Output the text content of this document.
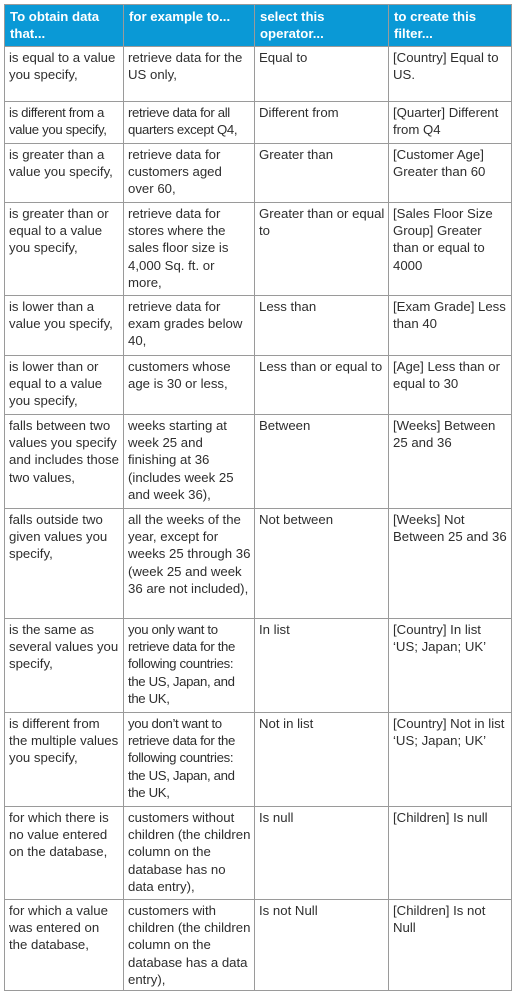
To obtain data that...	for example to...	select this operator...	to create this filter...
is equal to a value you specify,	retrieve data for the US only,	Equal to	[Country] Equal to US.
is different from a value you specify,	retrieve data for all quarters except Q4,	Different from	[Quarter] Different from Q4
is greater than a value you specify,	retrieve data for customers aged over 60,	Greater than	[Customer Age] Greater than 60
is greater than or equal to a value you specify,	retrieve data for stores where the sales floor size is 4,000 Sq. ft. or more,	Greater than or equal to	[Sales Floor Size Group] Greater than or equal to 4000
is lower than a value you specify,	retrieve data for exam grades below 40,	Less than	[Exam Grade] Less than 40
is lower than or equal to a value you specify,	customers whose age is 30 or less,	Less than or equal to	[Age] Less than or equal to 30
falls between two values you specify and includes those two values,	weeks starting at week 25 and finishing at 36 (includes week 25 and week 36),	Between	[Weeks] Between 25 and 36
falls outside two given values you specify,	all the weeks of the year, except for weeks 25 through 36 (week 25 and week 36 are not included),	Not between	[Weeks] Not Between 25 and 36
is the same as several values you specify,	you only want to retrieve data for the following countries: the US, Japan, and the UK,	In list	[Country] In list ‘US; Japan; UK’
is different from the multiple values you specify,	you don’t want to retrieve data for the following countries: the US, Japan, and the UK,	Not in list	[Country] Not in list ‘US; Japan; UK’
for which there is no value entered on the database,	customers without children (the children column on the database has no data entry),	Is null	[Children] Is null
for which a value was entered on the database,	customers with children (the children column on the database has a data entry),	Is not Null	[Children] Is not Null
